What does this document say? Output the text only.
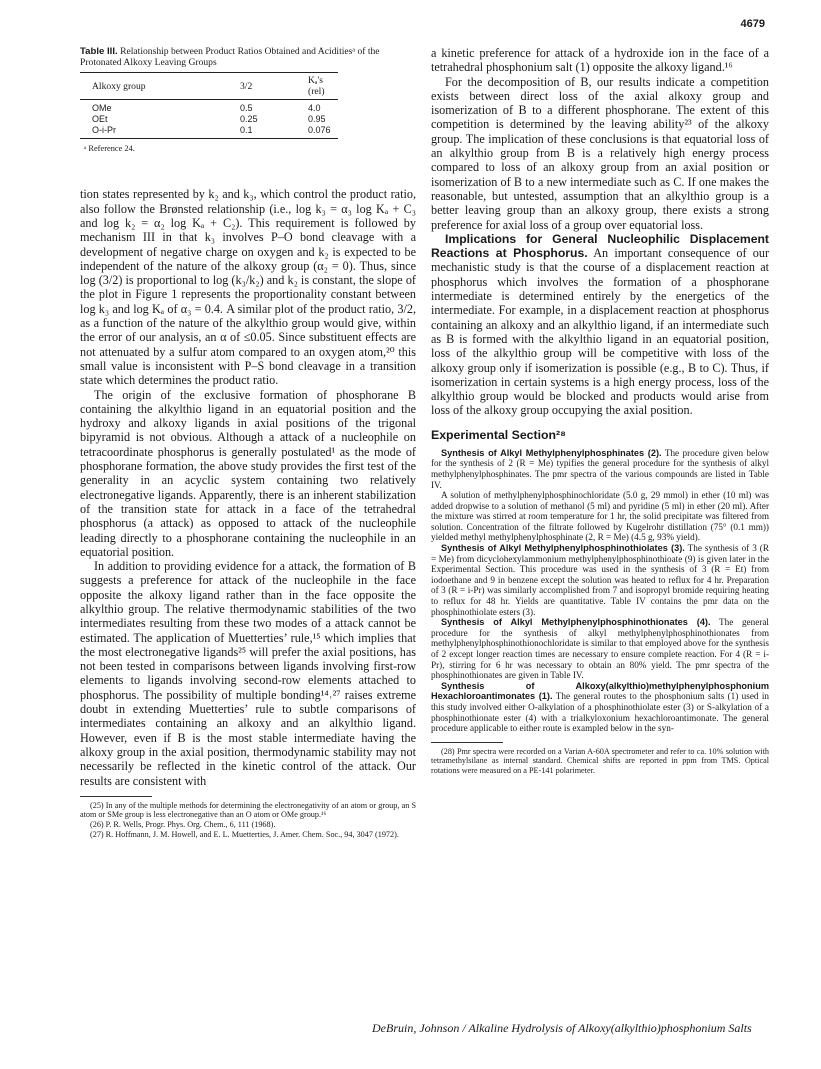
4679
Table III. Relationship between Product Ratios Obtained and Aciditiesᵃ of the Protonated Alkoxy Leaving Groups
Alkoxy group	3/2	Kₐ's (rel)
OMe	0.5	4.0
OEt	0.25	0.95
O-i-Pr	0.1	0.076
ᵃ Reference 24.

tion states represented by k₂ and k₃, which control the product ratio, also follow the Brønsted relationship (i.e., log k₃ = α₃ log Kₐ + C₃ and log k₂ = α₂ log Kₐ + C₂). This requirement is followed by mechanism III in that k₃ involves P–O bond cleavage with a development of negative charge on oxygen and k₂ is expected to be independent of the nature of the alkoxy group (α₂ = 0). Thus, since log (3/2) is proportional to log (k₃/k₂) and k₂ is constant, the slope of the plot in Figure 1 represents the proportionality constant between log k₃ and log Kₐ of α₃ = 0.4. A similar plot of the product ratio, 3/2, as a function of the nature of the alkylthio group would give, within the error of our analysis, an α of ≤0.05. Since substituent effects are not attenuated by a sulfur atom compared to an oxygen atom,²⁰ this small value is inconsistent with P–S bond cleavage in a transition state which determines the product ratio.

The origin of the exclusive formation of phosphorane B containing the alkylthio ligand in an equatorial position and the hydroxy and alkoxy ligands in axial positions of the trigonal bipyramid is not obvious. Although a attack of a nucleophile on tetracoordinate phosphorus is generally postulated¹ as the mode of phosphorane formation, the above study provides the first test of the generality in an acyclic system containing two relatively electronegative ligands. Apparently, there is an inherent stabilization of the transition state for attack in a face of the tetrahedral phosphorus (a attack) as opposed to attack of the nucleophile leading directly to a phosphorane containing the nucleophile in an equatorial position.

In addition to providing evidence for a attack, the formation of B suggests a preference for attack of the nucleophile in the face opposite the alkoxy ligand rather than in the face opposite the alkylthio group. The relative thermodynamic stabilities of the two intermediates resulting from these two modes of a attack cannot be estimated. The application of Muetterties’ rule,¹⁵ which implies that the most electronegative ligands²⁵ will prefer the axial positions, has not been tested in comparisons between ligands involving first-row elements to ligands involving second-row elements attached to phosphorus. The possibility of multiple bonding¹⁴˒²⁷ raises extreme doubt in extending Muetterties’ rule to subtle comparisons of intermediates containing an alkoxy and an alkylthio ligand. However, even if B is the most stable intermediate having the alkoxy group in the axial position, thermodynamic stability may not necessarily be reflected in the kinetic control of the attack. Our results are consistent with

(25) In any of the multiple methods for determining the electronegativity of an atom or group, an S atom or SMe group is less electronegative than an O atom or OMe group.¹⁶

(26) P. R. Wells, Progr. Phys. Org. Chem., 6, 111 (1968).

(27) R. Hoffmann, J. M. Howell, and E. L. Muetterties, J. Amer. Chem. Soc., 94, 3047 (1972).

a kinetic preference for attack of a hydroxide ion in the face of a tetrahedral phosphonium salt (1) opposite the alkoxy ligand.¹⁶

For the decomposition of B, our results indicate a competition exists between direct loss of the axial alkoxy group and isomerization of B to a different phosphorane. The extent of this competition is determined by the leaving ability²³ of the alkoxy group. The implication of these conclusions is that equatorial loss of an alkylthio group from B is a relatively high energy process compared to loss of an alkoxy group from an axial position or isomerization of B to a new intermediate such as C. If one makes the reasonable, but untested, assumption that an alkylthio group is a better leaving group than an alkoxy group, there exists a strong preference for axial loss of a group over equatorial loss.

Implications for General Nucleophilic Displacement Reactions at Phosphorus. An important consequence of our mechanistic study is that the course of a displacement reaction at phosphorus which involves the formation of a phosphorane intermediate is determined entirely by the energetics of the intermediate. For example, in a displacement reaction at phosphorus containing an alkoxy and an alkylthio ligand, if an intermediate such as B is formed with the alkylthio ligand in an equatorial position, loss of the alkylthio group will be competitive with loss of the alkoxy group only if isomerization is possible (e.g., B to C). Thus, if isomerization in certain systems is a high energy process, loss of the alkylthio group would be blocked and products would arise from loss of the alkoxy group occupying the axial position.

Experimental Section²⁸

Synthesis of Alkyl Methylphenylphosphinates (2). The procedure given below for the synthesis of 2 (R = Me) typifies the general procedure for the synthesis of alkyl methylphenylphosphinates. The pmr spectra of the various compounds are listed in Table IV.

A solution of methylphenylphosphinochloridate (5.0 g, 29 mmol) in ether (10 ml) was added dropwise to a solution of methanol (5 ml) and pyridine (5 ml) in ether (20 ml). After the mixture was stirred at room temperature for 1 hr, the solid precipitate was filtered from solution. Concentration of the filtrate followed by Kugelrohr distillation (75° (0.1 mm)) yielded methyl methylphenylphosphinate (2, R = Me) (4.5 g, 93% yield).

Synthesis of Alkyl Methylphenylphosphinothiolates (3). The synthesis of 3 (R = Me) from dicyclohexylammonium methylphenylphosphinothioate (9) is given later in the Experimental Section. This procedure was used in the synthesis of 3 (R = Et) from iodoethane and 9 in benzene except the solution was heated to reflux for 4 hr. Preparation of 3 (R = i-Pr) was similarly accomplished from 7 and isopropyl bromide requiring heating to reflux for 48 hr. Yields are quantitative. Table IV contains the pmr data on the phosphinothiolate esters (3).

Synthesis of Alkyl Methylphenylphosphinothionates (4). The general procedure for the synthesis of alkyl methylphenylphosphinothionates from methylphenylphosphinothionochloridate is similar to that employed above for the synthesis of 2 except longer reaction times are necessary to ensure complete reaction. For 4 (R = i-Pr), stirring for 6 hr was necessary to obtain an 80% yield. The pmr spectra of the phosphinothionates are given in Table IV.

Synthesis of Alkoxy(alkylthio)methylphenylphosphonium Hexachloroantimonates (1). The general routes to the phosphonium salts (1) used in this study involved either O-alkylation of a phosphinothiolate ester (3) or S-alkylation of a phosphinothionate ester (4) with a trialkyloxonium hexachloroantimonate. The general procedure applicable to either route is exampled below in the syn-

(28) Pmr spectra were recorded on a Varian A-60A spectrometer and refer to ca. 10% solution with tetramethylsilane as internal standard. Chemical shifts are reported in ppm from TMS. Optical rotations were measured on a PE-141 polarimeter.

DeBruin, Johnson / Alkaline Hydrolysis of Alkoxy(alkylthio)phosphonium Salts
